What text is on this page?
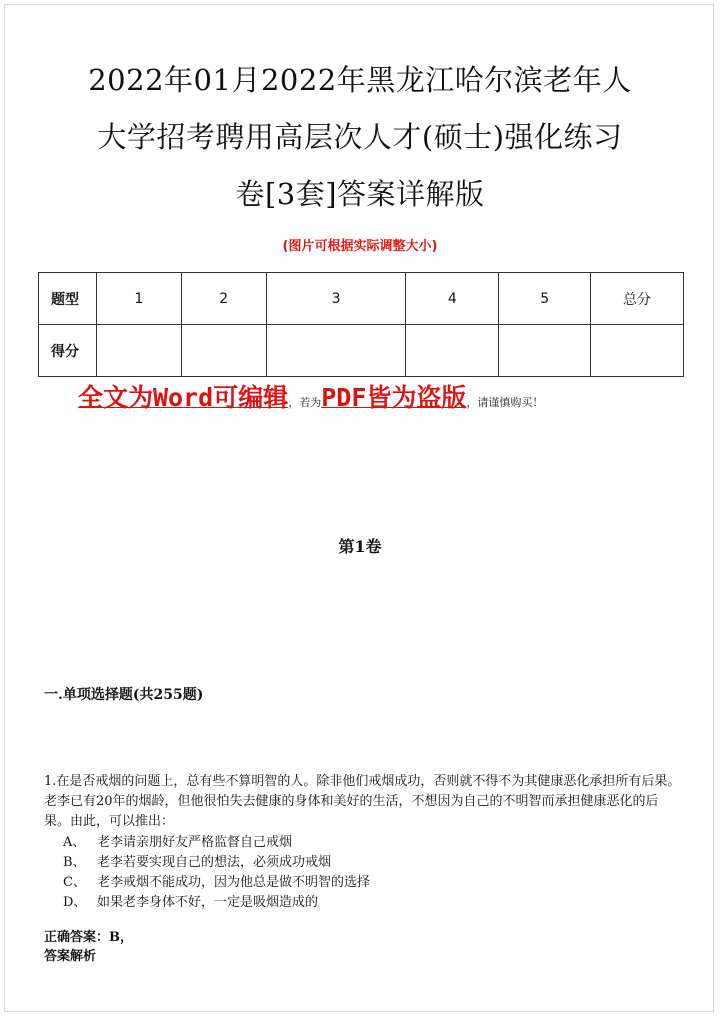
2022年01月2022年黑龙江哈尔滨老年人
大学招考聘用高层次人才(硕士)强化练习
卷[3套]答案详解版
(图片可根据实际调整大小)
题型	1	2	3	4	5	总分
得分						
全文为Word可编辑，若为PDF皆为盗版，请谨慎购买！
第1卷
一.单项选择题(共255题)
1.在是否戒烟的问题上，总有些不算明智的人。除非他们戒烟成功，否则就不得不为其健康恶化承担所有后果。老李已有20年的烟龄，但他很怕失去健康的身体和美好的生活，不想因为自己的不明智而承担健康恶化的后果。由此，可以推出：
A、 老李请亲朋好友严格监督自己戒烟
B、 老李若要实现自己的想法，必须成功戒烟
C、 老李戒烟不能成功，因为他总是做不明智的选择
D、 如果老李身体不好，一定是吸烟造成的
正确答案：B，
答案解析
